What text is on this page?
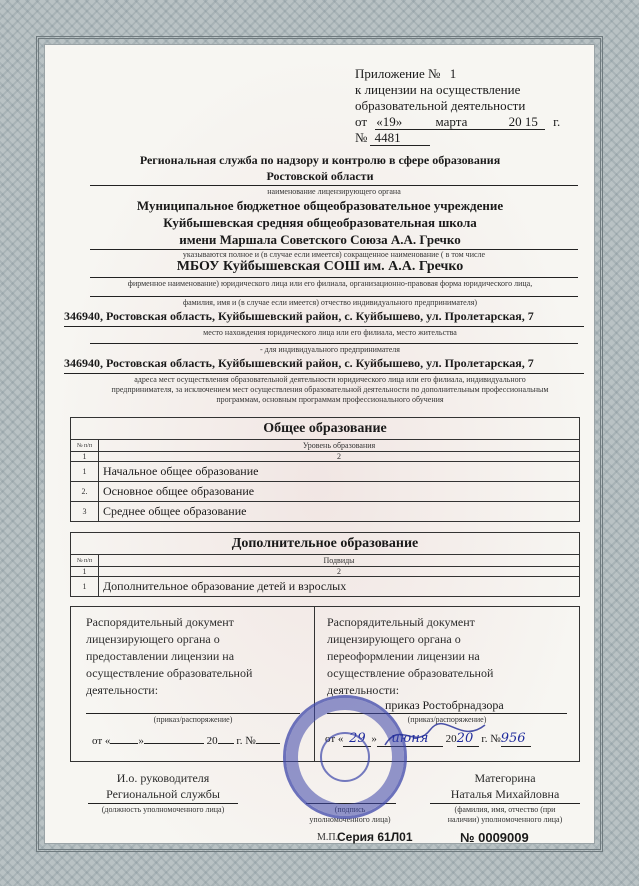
Приложение № 1
к лицензии на осуществление
образовательной деятельности
от «19»	марта	20 15 г.
№ 4481
Региональная служба по надзору и контролю в сфере образования
Ростовской области
наименование лицензирующего органа
Муниципальное бюджетное общеобразовательное учреждение
Куйбышевская средняя общеобразовательная школа
имени Маршала Советского Союза А.А. Гречко
указываются полное и (в случае если имеется) сокращенное наименование ( в том числе
МБОУ Куйбышевская СОШ им. А.А. Гречко
фирменное наименование) юридического лица или его филиала, организационно-правовая форма юридического лица,
фамилия, имя и (в случае если имеется) отчество индивидуального предпринимателя)
346940, Ростовская область, Куйбышевский район, с. Куйбышево, ул. Пролетарская, 7
место нахождения юридического лица или его филиала, место жительства
- для индивидуального предпринимателя
346940, Ростовская область, Куйбышевский район, с. Куйбышево, ул. Пролетарская, 7
адреса мест осуществления образовательной деятельности юридического лица или его филиала, индивидуального
предпринимателя, за исключением мест осуществления образовательной деятельности по дополнительным профессиональным
программам, основным программам профессионального обучения
Общее образование	
№ п/п	Уровень образования
1	2
1	Начальное общее образование
2.	Основное общее образование
3	Среднее общее образование
Дополнительное образование	
№ п/п	Подвиды
1	2
1	Дополнительное образование детей и взрослых
Распорядительный документ
лицензирующего органа о
предоставлении лицензии на
осуществление образовательной
деятельности:
(приказ/распоряжение)
от «	»	20 г. №
Распорядительный документ
лицензирующего органа о
переоформлении лицензии на
осуществление образовательной
деятельности:
приказ Ростобрнадзора
(приказ/распоряжение)
от « 29 » июня 2020 г. №956
И.о. руководителя
Региональной службы
(должность уполномоченного лица)	(подпись
уполномоченного лица)
Матегорина
Наталья Михайловна
(фамилия, имя, отчество (при
наличии) уполномоченного лица)
М.П.
Серия 61Л01	№ 0009009
